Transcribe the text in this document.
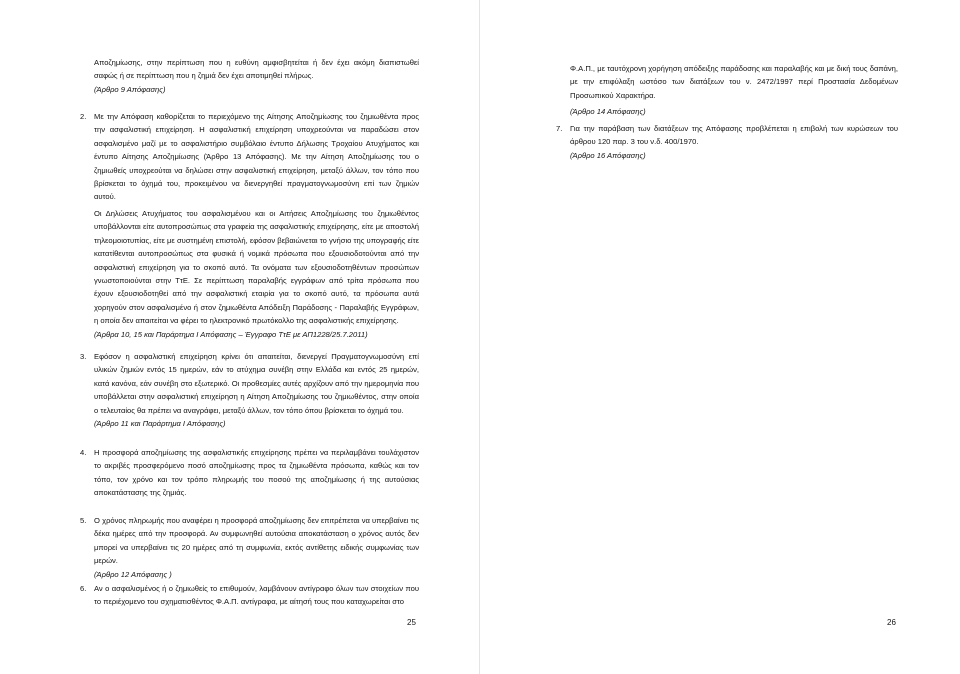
Αποζημίωσης, στην περίπτωση που η ευθύνη αμφισβητείται ή δεν έχει ακόμη διαπιστωθεί σαφώς ή σε περίπτωση που η ζημιά δεν έχει αποτιμηθεί πλήρως.

(Άρθρο 9 Απόφασης)

2. Με την Απόφαση καθορίζεται το περιεχόμενο της Αίτησης Αποζημίωσης του ζημιωθέντα προς την ασφαλιστική επιχείρηση. Η ασφαλιστική επιχείρηση υποχρεούνται να παραδώσει στον ασφαλισμένο μαζί με το ασφαλιστήριο συμβόλαιο έντυπο Δήλωσης Τροχαίου Ατυχήματος και έντυπο Αίτησης Αποζημίωσης (Άρθρο 13 Απόφασης). Με την Αίτηση Αποζημίωσης του ο ζημιωθείς υποχρεούται να δηλώσει στην ασφαλιστική επιχείρηση, μεταξύ άλλων, τον τόπο που βρίσκεται το όχημά του, προκειμένου να διενεργηθεί πραγματογνωμοσύνη επί των ζημιών αυτού.

Οι Δηλώσεις Ατυχήματος του ασφαλισμένου και οι Αιτήσεις Αποζημίωσης του ζημιωθέντος υποβάλλονται είτε αυτοπροσώπως στα γραφεία της ασφαλιστικής επιχείρησης, είτε με αποστολή τηλεομοιοτυπίας, είτε με συστημένη επιστολή, εφόσον βεβαιώνεται το γνήσιο της υπογραφής είτε κατατίθενται αυτοπροσώπως στα φυσικά ή νομικά πρόσωπα που εξουσιοδοτούνται από την ασφαλιστική επιχείρηση για το σκοπό αυτό. Τα ονόματα των εξουσιοδοτηθέντων προσώπων γνωστοποιούνται στην ΤτΕ. Σε περίπτωση παραλαβής εγγράφων από τρίτα πρόσωπα που έχουν εξουσιοδοτηθεί από την ασφαλιστική εταιρία για το σκοπό αυτό, τα πρόσωπα αυτά χορηγούν στον ασφαλισμένο ή στον ζημιωθέντα Απόδειξη Παράδοσης - Παραλαβής Εγγράφων, η οποία δεν απαιτείται να φέρει το ηλεκτρονικό πρωτόκολλο της ασφαλιστικής επιχείρησης.

(Άρθρα 10, 15 και Παράρτημα Ι Απόφασης – Έγγραφο ΤτΕ με ΑΠ1228/25.7.2011)

3. Εφόσον η ασφαλιστική επιχείρηση κρίνει ότι απαιτείται, διενεργεί Πραγματογνωμοσύνη επί υλικών ζημιών εντός 15 ημερών, εάν το ατύχημα συνέβη στην Ελλάδα και εντός 25 ημερών, κατά κανόνα, εάν συνέβη στο εξωτερικό. Οι προθεσμίες αυτές αρχίζουν από την ημερομηνία που υποβάλλεται στην ασφαλιστική επιχείρηση η Αίτηση Αποζημίωσης του ζημιωθέντος, στην οποία ο τελευταίος θα πρέπει να αναγράφει, μεταξύ άλλων, τον τόπο όπου βρίσκεται το όχημά του.

(Άρθρο 11 και Παράρτημα Ι Απόφασης)

4. Η προσφορά αποζημίωσης της ασφαλιστικής επιχείρησης πρέπει να περιλαμβάνει τουλάχιστον το ακριβές προσφερόμενο ποσό αποζημίωσης προς τα ζημιωθέντα πρόσωπα, καθώς και τον τόπο, τον χρόνο και τον τρόπο πληρωμής του ποσού της αποζημίωσης ή της αυτούσιας αποκατάστασης της ζημιάς.

5. Ο χρόνος πληρωμής που αναφέρει η προσφορά αποζημίωσης δεν επιτρέπεται να υπερβαίνει τις δέκα ημέρες από την προσφορά. Αν συμφωνηθεί αυτούσια αποκατάσταση ο χρόνος αυτός δεν μπορεί να υπερβαίνει τις 20 ημέρες από τη συμφωνία, εκτός αντίθετης ειδικής συμφωνίας των μερών.

(Άρθρο 12 Απόφασης )

6. Αν ο ασφαλισμένος ή ο ζημιωθείς το επιθυμούν, λαμβάνουν αντίγραφο όλων των στοιχείων που το περιέχομενο του σχηματισθέντος Φ.Α.Π. αντίγραφα, με αίτησή τους που καταχωρείται στο

25

Φ.Α.Π., με ταυτόχρονη χορήγηση απόδειξης παράδοσης και παραλαβής και με δική τους δαπάνη, με την επιφύλαξη ωστόσο των διατάξεων του ν. 2472/1997 περί Προστασία Δεδομένων Προσωπικού Χαρακτήρα.

(Άρθρο 14 Απόφασης)

7. Για την παράβαση των διατάξεων της Απόφασης προβλέπεται η επιβολή των κυρώσεων του άρθρου 120 παρ. 3 του ν.δ. 400/1970.

(Άρθρο 16 Απόφασης)

26
